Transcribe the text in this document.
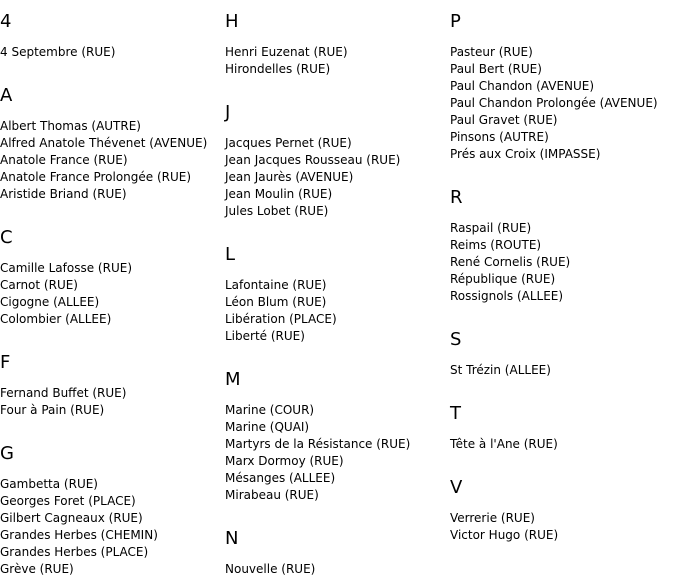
4
4 Septembre (RUE)
A
Albert Thomas (AUTRE)
Alfred Anatole Thévenet (AVENUE)
Anatole France (RUE)
Anatole France Prolongée (RUE)
Aristide Briand (RUE)
C
Camille Lafosse (RUE)
Carnot (RUE)
Cigogne (ALLEE)
Colombier (ALLEE)
F
Fernand Buffet (RUE)
Four à Pain (RUE)
G
Gambetta (RUE)
Georges Foret (PLACE)
Gilbert Cagneaux (RUE)
Grandes Herbes (CHEMIN)
Grandes Herbes (PLACE)
Grève (RUE)
H
Henri Euzenat (RUE)
Hirondelles (RUE)
J
Jacques Pernet (RUE)
Jean Jacques Rousseau (RUE)
Jean Jaurès (AVENUE)
Jean Moulin (RUE)
Jules Lobet (RUE)
L
Lafontaine (RUE)
Léon Blum (RUE)
Libération (PLACE)
Liberté (RUE)
M
Marine (COUR)
Marine (QUAI)
Martyrs de la Résistance (RUE)
Marx Dormoy (RUE)
Mésanges (ALLEE)
Mirabeau (RUE)
N
Nouvelle (RUE)
P
Pasteur (RUE)
Paul Bert (RUE)
Paul Chandon (AVENUE)
Paul Chandon Prolongée (AVENUE)
Paul Gravet (RUE)
Pinsons (AUTRE)
Prés aux Croix (IMPASSE)
R
Raspail (RUE)
Reims (ROUTE)
René Cornelis (RUE)
République (RUE)
Rossignols (ALLEE)
S
St Trézin (ALLEE)
T
Tête à l'Ane (RUE)
V
Verrerie (RUE)
Victor Hugo (RUE)
